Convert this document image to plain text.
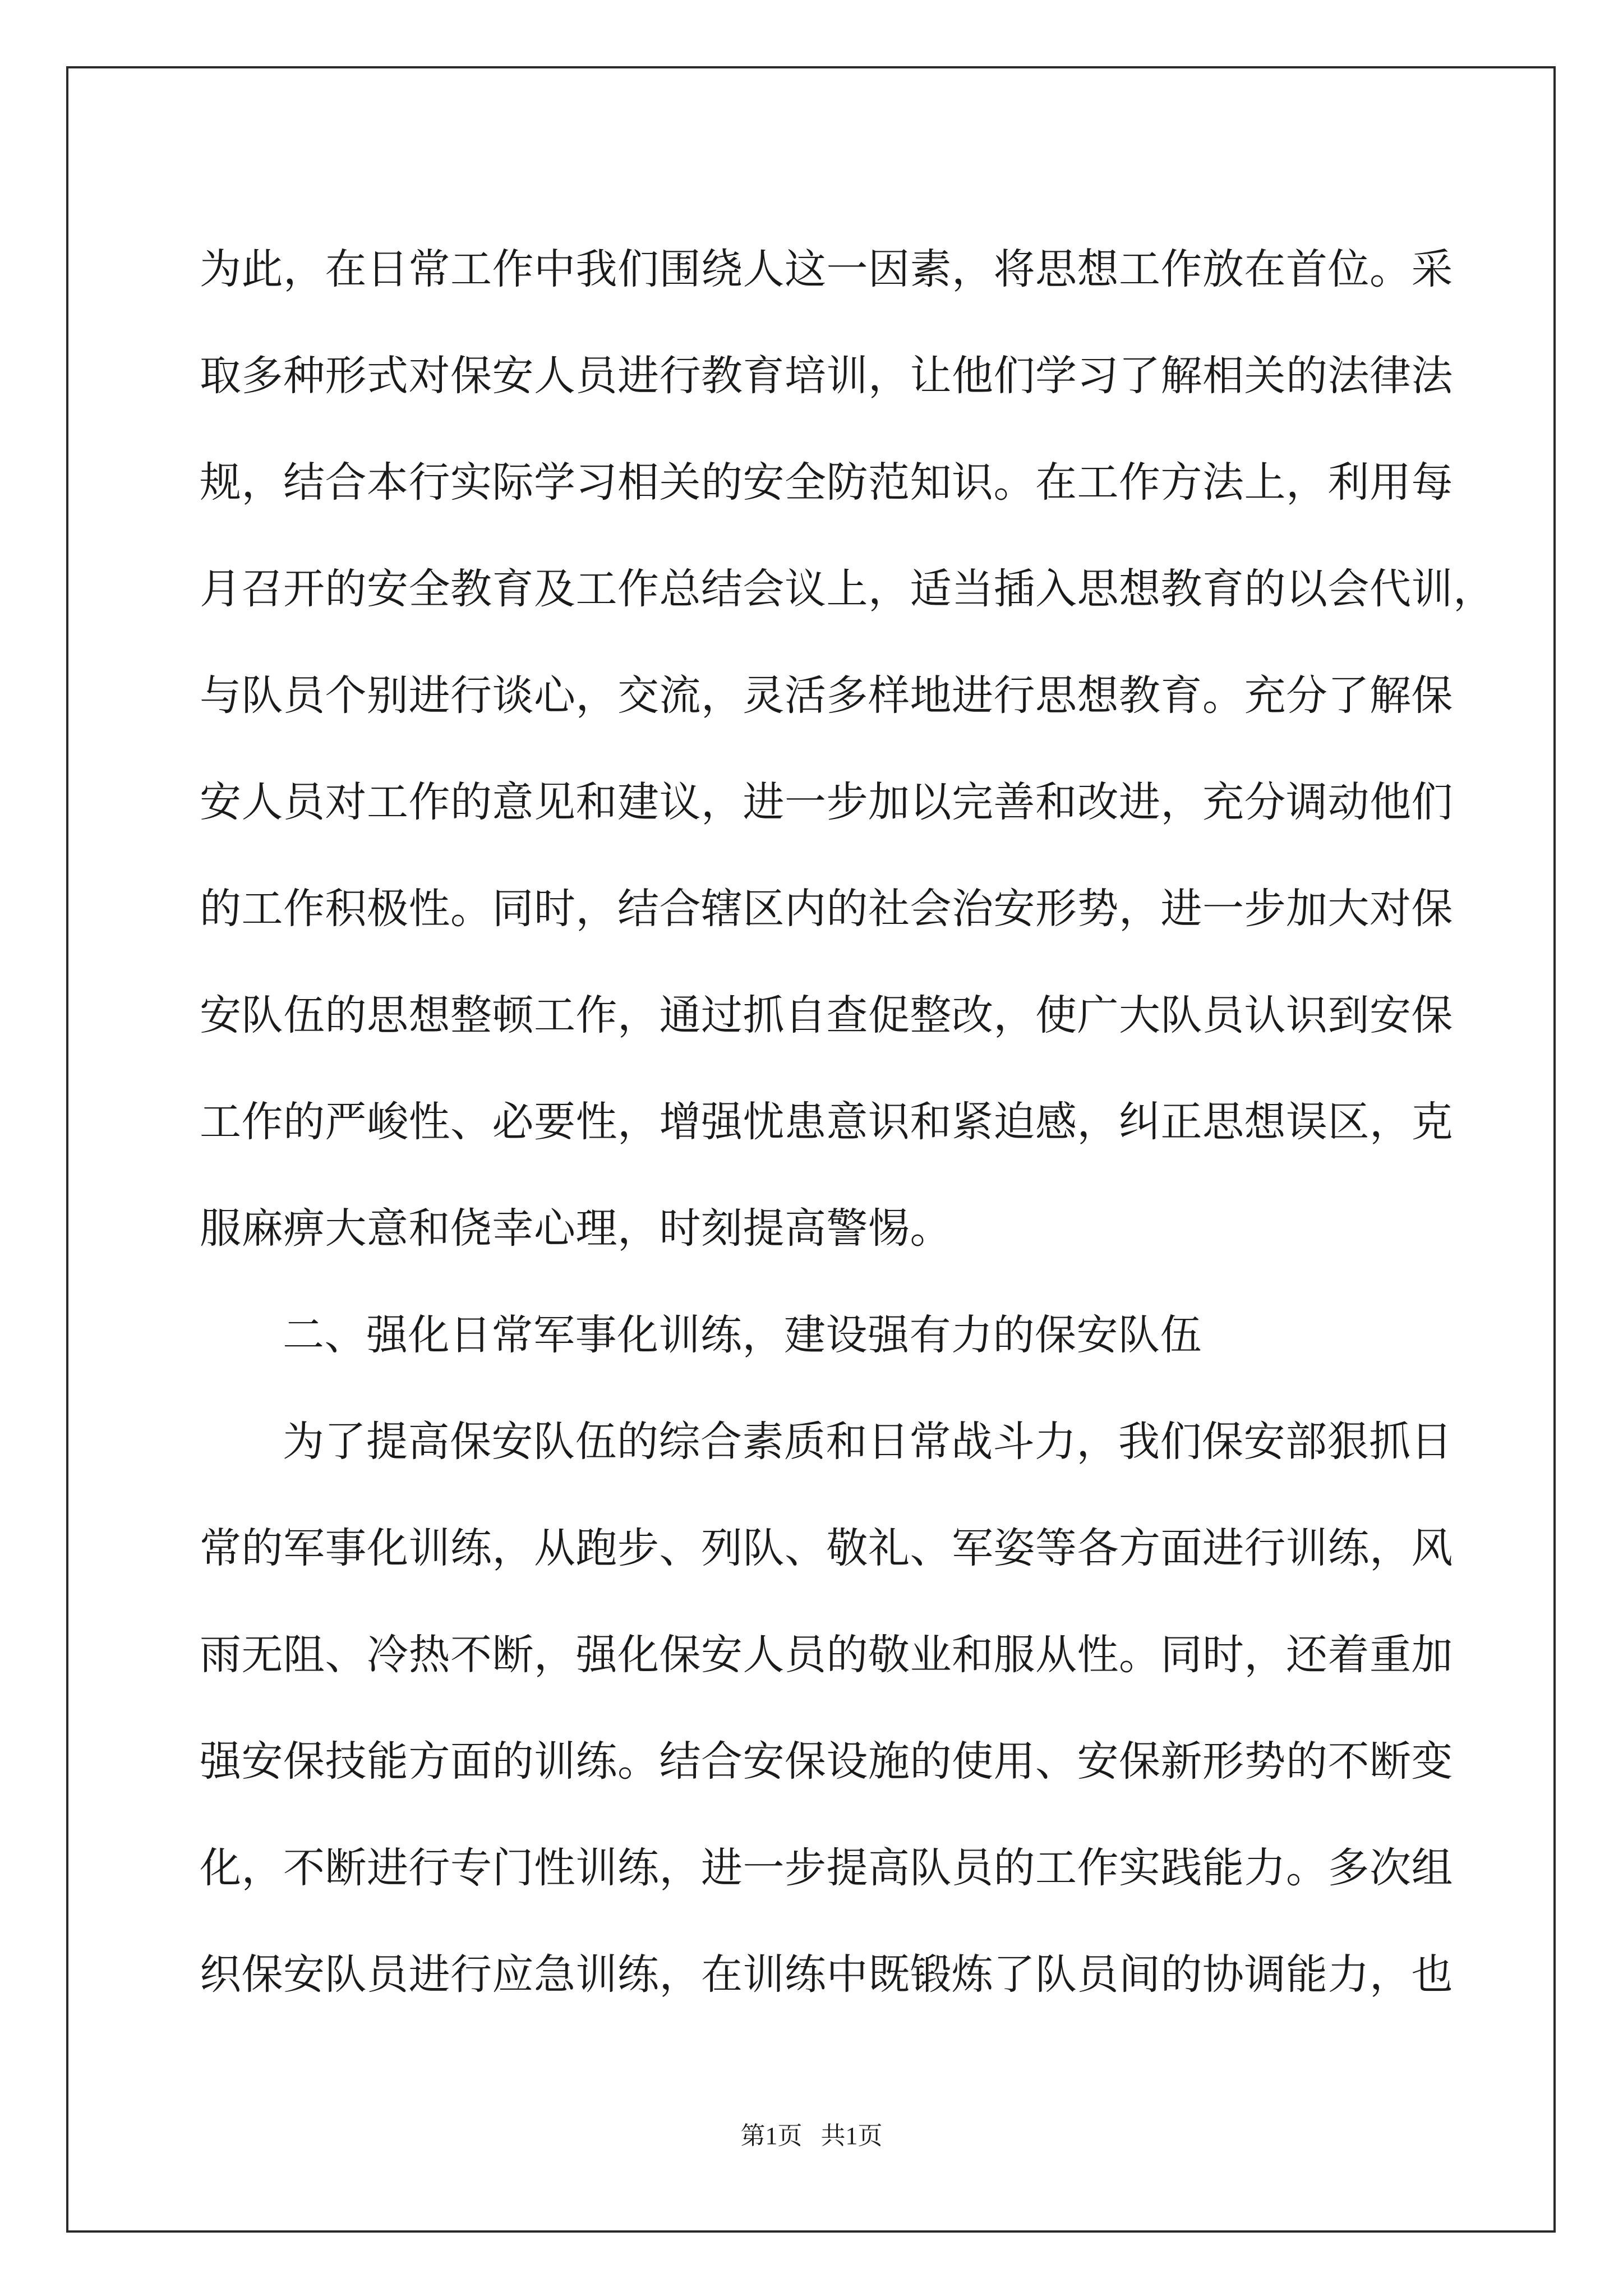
为此，在日常工作中我们围绕人这一因素，将思想工作放在首位。采
取多种形式对保安人员进行教育培训，让他们学习了解相关的法律法
规，结合本行实际学习相关的安全防范知识。在工作方法上，利用每
月召开的安全教育及工作总结会议上，适当插入思想教育的以会代训，
与队员个别进行谈心，交流，灵活多样地进行思想教育。充分了解保
安人员对工作的意见和建议，进一步加以完善和改进，充分调动他们
的工作积极性。同时，结合辖区内的社会治安形势，进一步加大对保
安队伍的思想整顿工作，通过抓自查促整改，使广大队员认识到安保
工作的严峻性、必要性，增强忧患意识和紧迫感，纠正思想误区，克
服麻痹大意和侥幸心理，时刻提高警惕。
二、强化日常军事化训练，建设强有力的保安队伍
为了提高保安队伍的综合素质和日常战斗力，我们保安部狠抓日
常的军事化训练，从跑步、列队、敬礼、军姿等各方面进行训练，风
雨无阻、冷热不断，强化保安人员的敬业和服从性。同时，还着重加
强安保技能方面的训练。结合安保设施的使用、安保新形势的不断变
化，不断进行专门性训练，进一步提高队员的工作实践能力。多次组
织保安队员进行应急训练，在训练中既锻炼了队员间的协调能力，也
第1页   共1页
